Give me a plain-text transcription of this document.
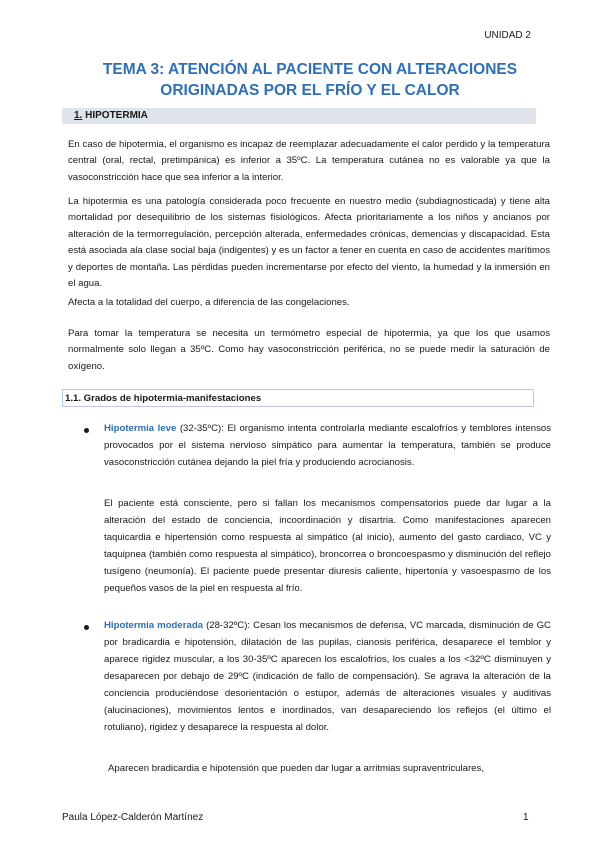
UNIDAD 2
TEMA 3: ATENCIÓN AL PACIENTE CON ALTERACIONES
ORIGINADAS POR EL FRÍO Y EL CALOR
1. HIPOTERMIA
En caso de hipotermia, el organismo es incapaz de reemplazar adecuadamente el calor perdido y la temperatura central (oral, rectal, pretimpánica) es inferior a 35ºC. La temperatura cutánea no es valorable ya que la vasoconstricción hace que sea inferior a la interior.
La hipotermia es una patología considerada poco frecuente en nuestro medio (subdiagnosticada) y tiene alta mortalidad por desequilibrio de los sistemas fisiológicos. Afecta prioritariamente a los niños y ancianos por alteración de la termorregulación, percepción alterada, enfermedades crónicas, demencias y discapacidad. Esta está asociada ala clase social baja (indigentes) y es un factor a tener en cuenta en caso de accidentes marítimos y deportes de montaña. Las pérdidas pueden incrementarse por efecto del viento, la humedad y la inmersión en el agua.
Afecta a la totalidad del cuerpo, a diferencia de las congelaciones.
Para tomar la temperatura se necesita un termómetro especial de hipotermia, ya que los que usamos normalmente solo llegan a 35ºC. Como hay vasoconstricción periférica, no se puede medir la saturación de oxígeno.
1.1. Grados de hipotermia-manifestaciones
Hipotermia leve (32-35ºC): El organismo intenta controlarla mediante escalofríos y temblores intensos provocados por el sistema nervioso simpático para aumentar la temperatura, también se produce vasoconstricción cutánea dejando la piel fría y produciendo acrocianosis.
El paciente está consciente, pero si fallan los mecanismos compensatorios puede dar lugar a la alteración del estado de conciencia, incoordinación y disartria. Como manifestaciones aparecen taquicardia e hipertensión como respuesta al simpático (al inicio), aumento del gasto cardiaco, VC y taquipnea (también como respuesta al simpático), broncorrea o broncoespasmo y disminución del reflejo tusígeno (neumonía). El paciente puede presentar diuresis caliente, hipertonía y vasoespasmo de los pequeños vasos de la piel en respuesta al frío.
Hipotermia moderada (28-32ºC): Cesan los mecanismos de defensa, VC marcada, disminución de GC por bradicardia e hipotensión, dilatación de las pupilas, cianosis periférica, desaparece el temblor y aparece rigidez muscular, a los 30-35ºC aparecen los escalofríos, los cuales a los <32ºC disminuyen y desaparecen por debajo de 29ºC (indicación de fallo de compensación). Se agrava la alteración de la conciencia produciéndose desorientación o estupor, además de alteraciones visuales y auditivas (alucinaciones), movimientos lentos e inordinados, van desapareciendo los reflejos (el último el rotuliano), rigidez y desaparece la respuesta al dolor.
Aparecen bradicardia e hipotensión que pueden dar lugar a arritmias supraventriculares,
Paula López-Calderón Martínez	1
